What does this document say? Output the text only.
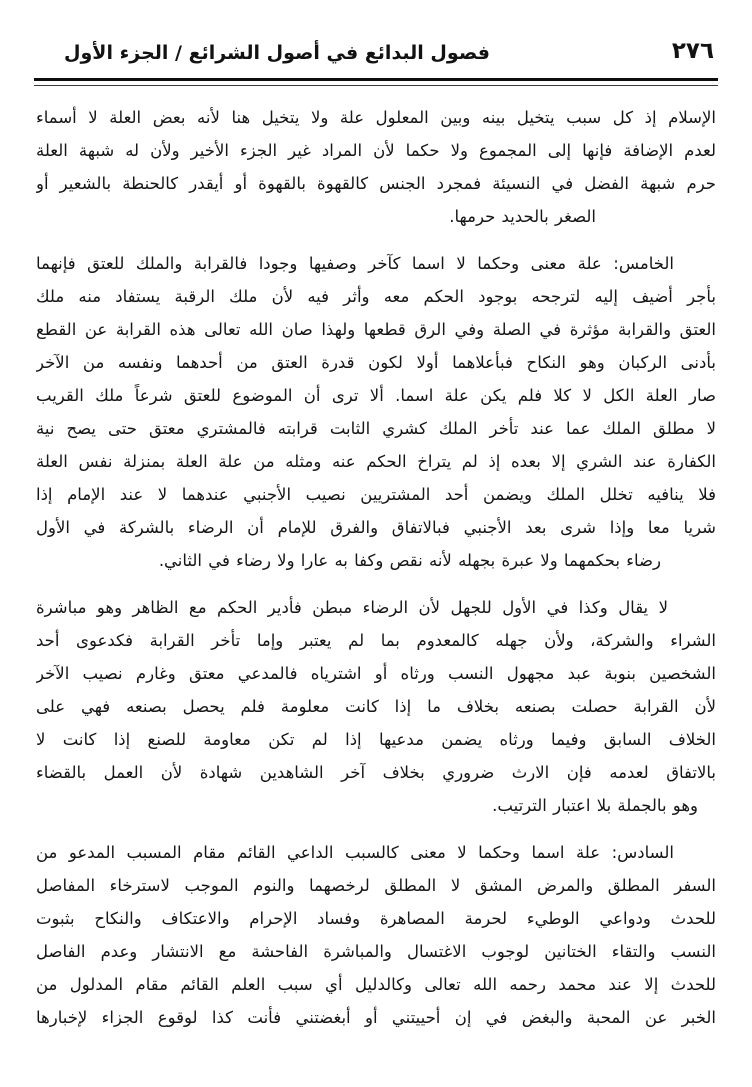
فصول البدائع في أصول الشرائع / الجزء الأول	٢٧٦
الإسلام إذ كل سبب يتخيل بينه وبين المعلول علة ولا يتخيل هنا لأنه بعض العلة لا أسماء
لعدم الإضافة فإنها إلى المجموع ولا حكما لأن المراد غير الجزء الأخير ولأن له شبهة العلة
حرم شبهة الفضل في النسيئة فمجرد الجنس كالقهوة بالقهوة أو أيقدر كالحنطة بالشعير أو
الصغر بالحديد حرمها.
الخامس: علة معنى وحكما لا اسما كآخر وصفيها وجودا فالقرابة والملك للعتق فإنهما
بأجر أضيف إليه لترجحه بوجود الحكم معه وأثر فيه لأن ملك الرقبة يستفاد منه ملك
العتق والقرابة مؤثرة في الصلة وفي الرق قطعها ولهذا صان الله تعالى هذه القرابة عن القطع
بأدنى الركبان وهو النكاح فبأعلاهما أولا لكون قدرة العتق من أحدهما ونفسه من الآخر
صار العلة الكل لا كلا فلم يكن علة اسما. ألا ترى أن الموضوع للعتق شرعاً ملك القريب
لا مطلق الملك عما عند تأخر الملك كشري الثابت قرابته فالمشتري معتق حتى يصح نية
الكفارة عند الشري إلا بعده إذ لم يتراخ الحكم عنه ومثله من علة العلة بمنزلة نفس العلة
فلا ينافيه تخلل الملك ويضمن أحد المشتريين نصيب الأجنبي عندهما لا عند الإمام إذا
شريا معا وإذا شرى بعد الأجنبي فبالاتفاق والفرق للإمام أن الرضاء بالشركة في الأول
رضاء بحكمهما ولا عبرة بجهله لأنه نقص وكفا به عارا ولا رضاء في الثاني.
لا يقال وكذا في الأول للجهل لأن الرضاء مبطن فأدير الحكم مع الظاهر وهو مباشرة
الشراء والشركة، ولأن جهله كالمعدوم بما لم يعتبر وإما تأخر القرابة فكدعوى أحد
الشخصين بنوبة عبد مجهول النسب ورثاه أو اشترياه فالمدعي معتق وغارم نصيب الآخر
لأن القرابة حصلت بصنعه بخلاف ما إذا كانت معلومة فلم يحصل بصنعه فهي على
الخلاف السابق وفيما ورثاه يضمن مدعيها إذا لم تكن معاومة للصنع إذا كانت لا
بالاتفاق لعدمه فإن الارث ضروري بخلاف آخر الشاهدين شهادة لأن العمل بالقضاء
وهو بالجملة بلا اعتبار الترتيب.
السادس: علة اسما وحكما لا معنى كالسبب الداعي القائم مقام المسبب المدعو من
السفر المطلق والمرض المشق لا المطلق لرخصهما والنوم الموجب لاسترخاء المفاصل
للحدث ودواعي الوطيء لحرمة المصاهرة وفساد الإحرام والاعتكاف والنكاح بثبوت
النسب والتقاء الختانين لوجوب الاغتسال والمباشرة الفاحشة مع الانتشار وعدم الفاصل
للحدث إلا عند محمد رحمه الله تعالى وكالدليل أي سبب العلم القائم مقام المدلول من
الخبر عن المحبة والبغض في إن أحييتني أو أبغضتني فأنت كذا لوقوع الجزاء لإخبارها
